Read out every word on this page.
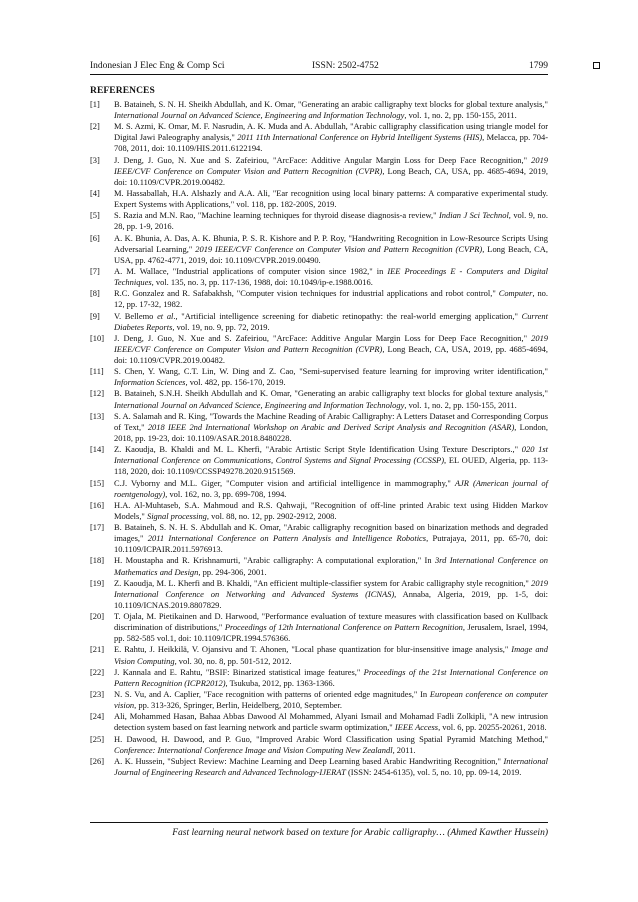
Indonesian J Elec Eng & Comp Sci	ISSN: 2502-4752	1799
REFERENCES
[1]	B. Bataineh, S. N. H. Sheikh Abdullah, and K. Omar, "Generating an arabic calligraphy text blocks for global texture analysis," International Journal on Advanced Science, Engineering and Information Technology, vol. 1, no. 2, pp. 150-155, 2011.
[2]	M. S. Azmi, K. Omar, M. F. Nasrudin, A. K. Muda and A. Abdullah, "Arabic calligraphy classification using triangle model for Digital Jawi Paleography analysis," 2011 11th International Conference on Hybrid Intelligent Systems (HIS), Melacca, pp. 704-708, 2011, doi: 10.1109/HIS.2011.6122194.
[3]	J. Deng, J. Guo, N. Xue and S. Zafeiriou, "ArcFace: Additive Angular Margin Loss for Deep Face Recognition," 2019 IEEE/CVF Conference on Computer Vision and Pattern Recognition (CVPR), Long Beach, CA, USA, pp. 4685-4694, 2019, doi: 10.1109/CVPR.2019.00482.
[4]	M. Hassaballah, H.A. Alshazly and A.A. Ali, "Ear recognition using local binary patterns: A comparative experimental study. Expert Systems with Applications," vol. 118, pp. 182-200S, 2019.
[5]	S. Razia and M.N. Rao, "Machine learning techniques for thyroid disease diagnosis-a review," Indian J Sci Technol, vol. 9, no. 28, pp. 1-9, 2016.
[6]	A. K. Bhunia, A. Das, A. K. Bhunia, P. S. R. Kishore and P. P. Roy, "Handwriting Recognition in Low-Resource Scripts Using Adversarial Learning," 2019 IEEE/CVF Conference on Computer Vision and Pattern Recognition (CVPR), Long Beach, CA, USA, pp. 4762-4771, 2019, doi: 10.1109/CVPR.2019.00490.
[7]	A. M. Wallace, "Industrial applications of computer vision since 1982," in IEE Proceedings E - Computers and Digital Techniques, vol. 135, no. 3, pp. 117-136, 1988, doi: 10.1049/ip-e.1988.0016.
[8]	R.C. Gonzalez and R. Safabakhsh, "Computer vision techniques for industrial applications and robot control," Computer, no. 12, pp. 17-32, 1982.
[9]	V. Bellemo et al., "Artificial intelligence screening for diabetic retinopathy: the real-world emerging application," Current Diabetes Reports, vol. 19, no. 9, pp. 72, 2019.
[10]	J. Deng, J. Guo, N. Xue and S. Zafeiriou, "ArcFace: Additive Angular Margin Loss for Deep Face Recognition," 2019 IEEE/CVF Conference on Computer Vision and Pattern Recognition (CVPR), Long Beach, CA, USA, 2019, pp. 4685-4694, doi: 10.1109/CVPR.2019.00482.
[11]	S. Chen, Y. Wang, C.T. Lin, W. Ding and Z. Cao, "Semi-supervised feature learning for improving writer identification," Information Sciences, vol. 482, pp. 156-170, 2019.
[12]	B. Bataineh, S.N.H. Sheikh Abdullah and K. Omar, "Generating an arabic calligraphy text blocks for global texture analysis," International Journal on Advanced Science, Engineering and Information Technology, vol. 1, no. 2, pp. 150-155, 2011.
[13]	S. A. Salamah and R. King, "Towards the Machine Reading of Arabic Calligraphy: A Letters Dataset and Corresponding Corpus of Text," 2018 IEEE 2nd International Workshop on Arabic and Derived Script Analysis and Recognition (ASAR), London, 2018, pp. 19-23, doi: 10.1109/ASAR.2018.8480228.
[14]	Z. Kaoudja, B. Khaldi and M. L. Kherfi, "Arabic Artistic Script Style Identification Using Texture Descriptors.," 020 1st International Conference on Communications, Control Systems and Signal Processing (CCSSP), EL OUED, Algeria, pp. 113-118, 2020, doi: 10.1109/CCSSP49278.2020.9151569.
[15]	C.J. Vyborny and M.L. Giger, "Computer vision and artificial intelligence in mammography," AJR (American journal of roentgenology), vol. 162, no. 3, pp. 699-708, 1994.
[16]	H.A. Al-Muhtaseb, S.A. Mahmoud and R.S. Qahwaji, "Recognition of off-line printed Arabic text using Hidden Markov Models," Signal processing, vol. 88, no. 12, pp. 2902-2912, 2008.
[17]	B. Bataineh, S. N. H. S. Abdullah and K. Omar, "Arabic calligraphy recognition based on binarization methods and degraded images," 2011 International Conference on Pattern Analysis and Intelligence Robotics, Putrajaya, 2011, pp. 65-70, doi: 10.1109/ICPAIR.2011.5976913.
[18]	H. Moustapha and R. Krishnamurti, "Arabic calligraphy: A computational exploration," In 3rd International Conference on Mathematics and Design, pp. 294-306, 2001.
[19]	Z. Kaoudja, M. L. Kherfi and B. Khaldi, "An efficient multiple-classifier system for Arabic calligraphy style recognition," 2019 International Conference on Networking and Advanced Systems (ICNAS), Annaba, Algeria, 2019, pp. 1-5, doi: 10.1109/ICNAS.2019.8807829.
[20]	T. Ojala, M. Pietikainen and D. Harwood, "Performance evaluation of texture measures with classification based on Kullback discrimination of distributions," Proceedings of 12th International Conference on Pattern Recognition, Jerusalem, Israel, 1994, pp. 582-585 vol.1, doi: 10.1109/ICPR.1994.576366.
[21]	E. Rahtu, J. Heikkilä, V. Ojansivu and T. Ahonen, "Local phase quantization for blur-insensitive image analysis," Image and Vision Computing, vol. 30, no. 8, pp. 501-512, 2012.
[22]	J. Kannala and E. Rahtu, "BSIF: Binarized statistical image features," Proceedings of the 21st International Conference on Pattern Recognition (ICPR2012), Tsukuba, 2012, pp. 1363-1366.
[23]	N. S. Vu, and A. Caplier, "Face recognition with patterns of oriented edge magnitudes," In European conference on computer vision, pp. 313-326, Springer, Berlin, Heidelberg, 2010, September.
[24]	Ali, Mohammed Hasan, Bahaa Abbas Dawood Al Mohammed, Alyani Ismail and Mohamad Fadli Zolkipli, "A new intrusion detection system based on fast learning network and particle swarm optimization," IEEE Access, vol. 6, pp. 20255-20261, 2018.
[25]	H. Dawood, H. Dawood, and P. Guo, "Improved Arabic Word Classification using Spatial Pyramid Matching Method," Conference: International Conference Image and Vision Computing New Zealandl, 2011.
[26]	A. K. Hussein, "Subject Review: Machine Learning and Deep Learning based Arabic Handwriting Recognition," International Journal of Engineering Research and Advanced Technology-IJERAT (ISSN: 2454-6135), vol. 5, no. 10, pp. 09-14, 2019.
Fast learning neural network based on texture for Arabic calligraphy… (Ahmed Kawther Hussein)
